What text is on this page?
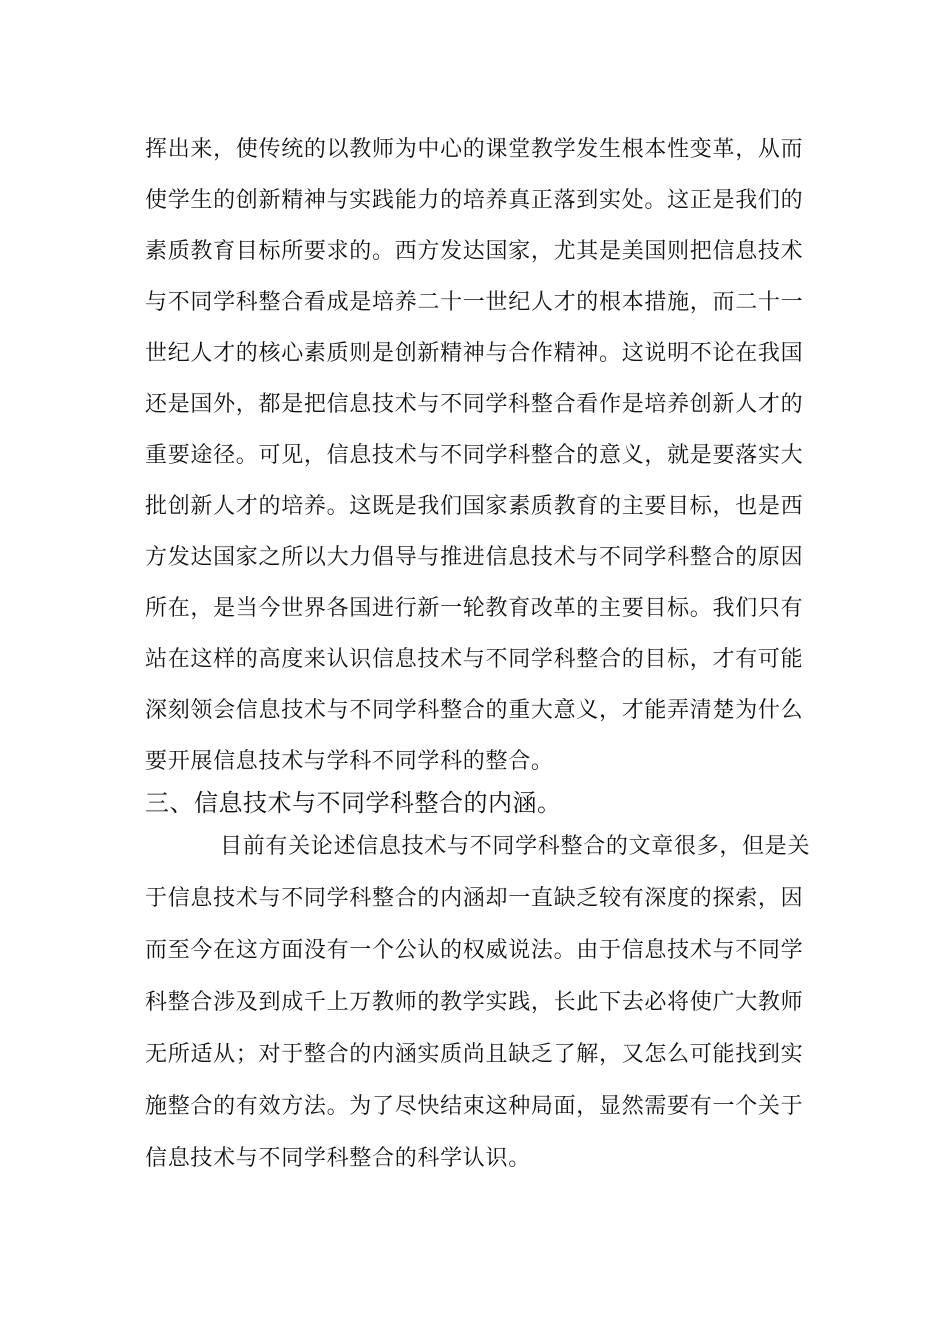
挥出来，使传统的以教师为中心的课堂教学发生根本性变革，从而
使学生的创新精神与实践能力的培养真正落到实处。这正是我们的
素质教育目标所要求的。西方发达国家，尤其是美国则把信息技术
与不同学科整合看成是培养二十一世纪人才的根本措施，而二十一
世纪人才的核心素质则是创新精神与合作精神。这说明不论在我国
还是国外，都是把信息技术与不同学科整合看作是培养创新人才的
重要途径。可见，信息技术与不同学科整合的意义，就是要落实大
批创新人才的培养。这既是我们国家素质教育的主要目标，也是西
方发达国家之所以大力倡导与推进信息技术与不同学科整合的原因
所在，是当今世界各国进行新一轮教育改革的主要目标。我们只有
站在这样的高度来认识信息技术与不同学科整合的目标，才有可能
深刻领会信息技术与不同学科整合的重大意义，才能弄清楚为什么
要开展信息技术与学科不同学科的整合。
三、信息技术与不同学科整合的内涵。
目前有关论述信息技术与不同学科整合的文章很多，但是关
于信息技术与不同学科整合的内涵却一直缺乏较有深度的探索，因
而至今在这方面没有一个公认的权威说法。由于信息技术与不同学
科整合涉及到成千上万教师的教学实践，长此下去必将使广大教师
无所适从；对于整合的内涵实质尚且缺乏了解，又怎么可能找到实
施整合的有效方法。为了尽快结束这种局面，显然需要有一个关于
信息技术与不同学科整合的科学认识。
